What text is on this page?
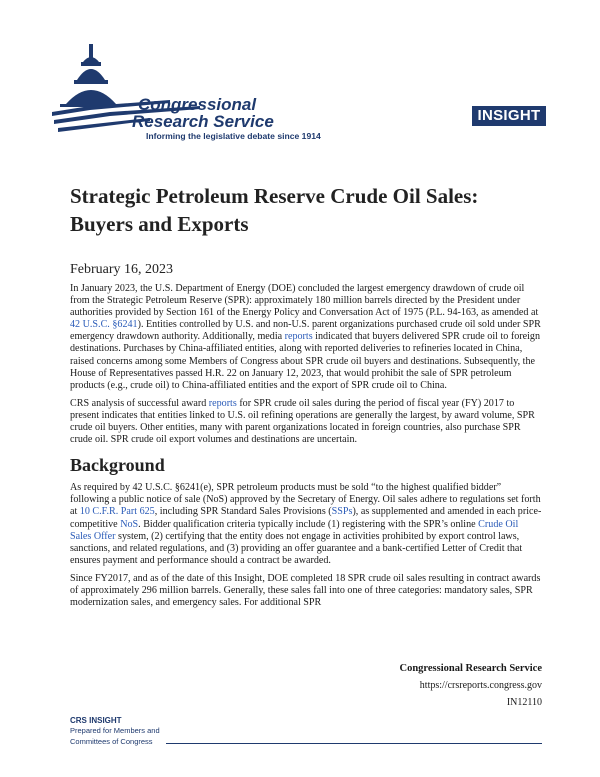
Congressional
Research Service
Informing the legislative debate since 1914
INSIGHT
Strategic Petroleum Reserve Crude Oil Sales: Buyers and Exports
February 16, 2023

In January 2023, the U.S. Department of Energy (DOE) concluded the largest emergency drawdown of crude oil from the Strategic Petroleum Reserve (SPR): approximately 180 million barrels directed by the President under authorities provided by Section 161 of the Energy Policy and Conversation Act of 1975 (P.L. 94-163, as amended at 42 U.S.C. §6241). Entities controlled by U.S. and non-U.S. parent organizations purchased crude oil sold under SPR emergency drawdown authority. Additionally, media reports indicated that buyers delivered SPR crude oil to foreign destinations. Purchases by China-affiliated entities, along with reported deliveries to refineries located in China, raised concerns among some Members of Congress about SPR crude oil buyers and destinations. Subsequently, the House of Representatives passed H.R. 22 on January 12, 2023, that would prohibit the sale of SPR petroleum products (e.g., crude oil) to China-affiliated entities and the export of SPR crude oil to China.

CRS analysis of successful award reports for SPR crude oil sales during the period of fiscal year (FY) 2017 to present indicates that entities linked to U.S. oil refining operations are generally the largest, by award volume, SPR crude oil buyers. Other entities, many with parent organizations located in foreign countries, also purchase SPR crude oil. SPR crude oil export volumes and destinations are uncertain.

Background

As required by 42 U.S.C. §6241(e), SPR petroleum products must be sold “to the highest qualified bidder” following a public notice of sale (NoS) approved by the Secretary of Energy. Oil sales adhere to regulations set forth at 10 C.F.R. Part 625, including SPR Standard Sales Provisions (SSPs), as supplemented and amended in each price-competitive NoS. Bidder qualification criteria typically include (1) registering with the SPR’s online Crude Oil Sales Offer system, (2) certifying that the entity does not engage in activities prohibited by export control laws, sanctions, and related regulations, and (3) providing an offer guarantee and a bank-certified Letter of Credit that ensures payment and performance should a contract be awarded.

Since FY2017, and as of the date of this Insight, DOE completed 18 SPR crude oil sales resulting in contract awards of approximately 296 million barrels. Generally, these sales fall into one of three categories: mandatory sales, SPR modernization sales, and emergency sales. For additional SPR

Congressional Research Service
https://crsreports.congress.gov
IN12110
CRS INSIGHT
Prepared for Members and
Committees of Congress
